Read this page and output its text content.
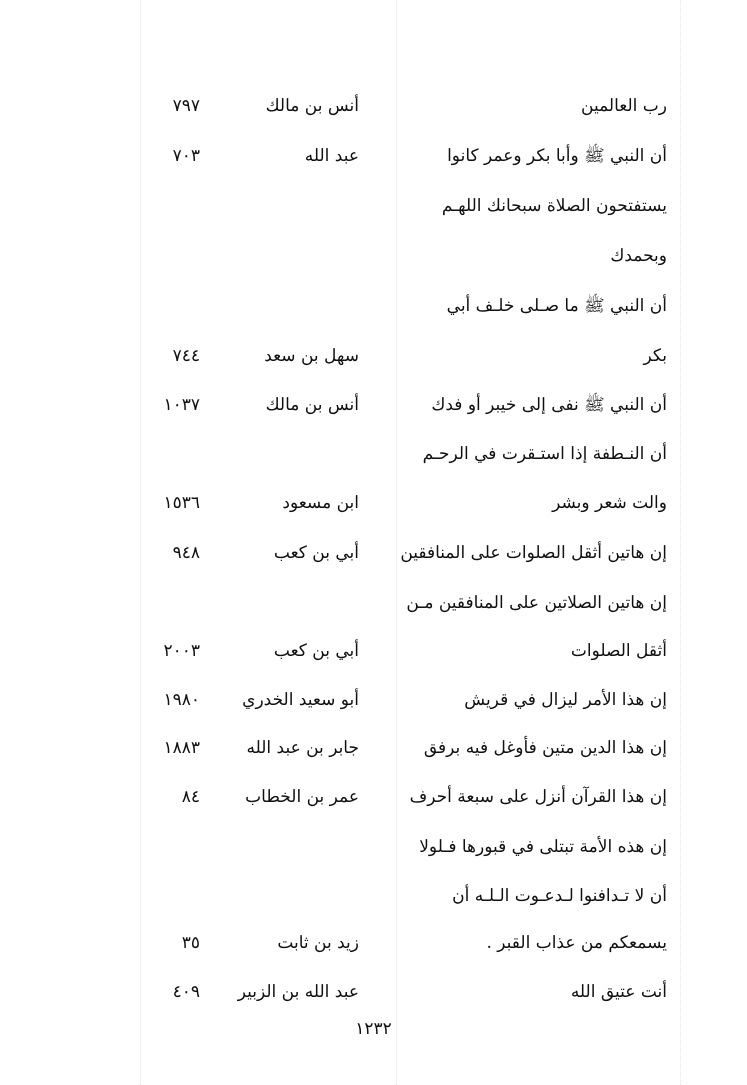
رب العالمين
أنس بن مالك
٧٩٧
أن النبي ﷺ وأبا بكر وعمر كانوا
عبد الله
٧٠٣
يستفتحون الصلاة سبحانك اللهـم
وبحمدك
أن النبي ﷺ ما صـلى خلـف أبي
بكر
سهل بن سعد
٧٤٤
أن النبي ﷺ نفى إلى خيبر أو فدك
أنس بن مالك
١٠٣٧
أن النـطفة إذا استـقرت في الرحـم
والت شعر وبشر
ابن مسعود
١٥٣٦
إن هاتين أثقل الصلوات على المنافقين
أبي بن كعب
٩٤٨
إن هاتين الصلاتين على المنافقين مـن
أثقل الصلوات
أبي بن كعب
٢٠٠٣
إن هذا الأمر ليزال في قريش
أبو سعيد الخدري
١٩٨٠
إن هذا الدين متين فأوغل فيه برفق
جابر بن عبد الله
١٨٨٣
إن هذا القرآن أنزل على سبعة أحرف
عمر بن الخطاب
٨٤
إن هذه الأمة تبتلى في قبورها فـلولا
أن لا تـدافنوا لـدعـوت الـلـه أن
يسمعكم من عذاب القبر .
زيد بن ثابت
٣٥
أنت عتيق الله
عبد الله بن الزبير
٤٠٩
١٢٣٢
